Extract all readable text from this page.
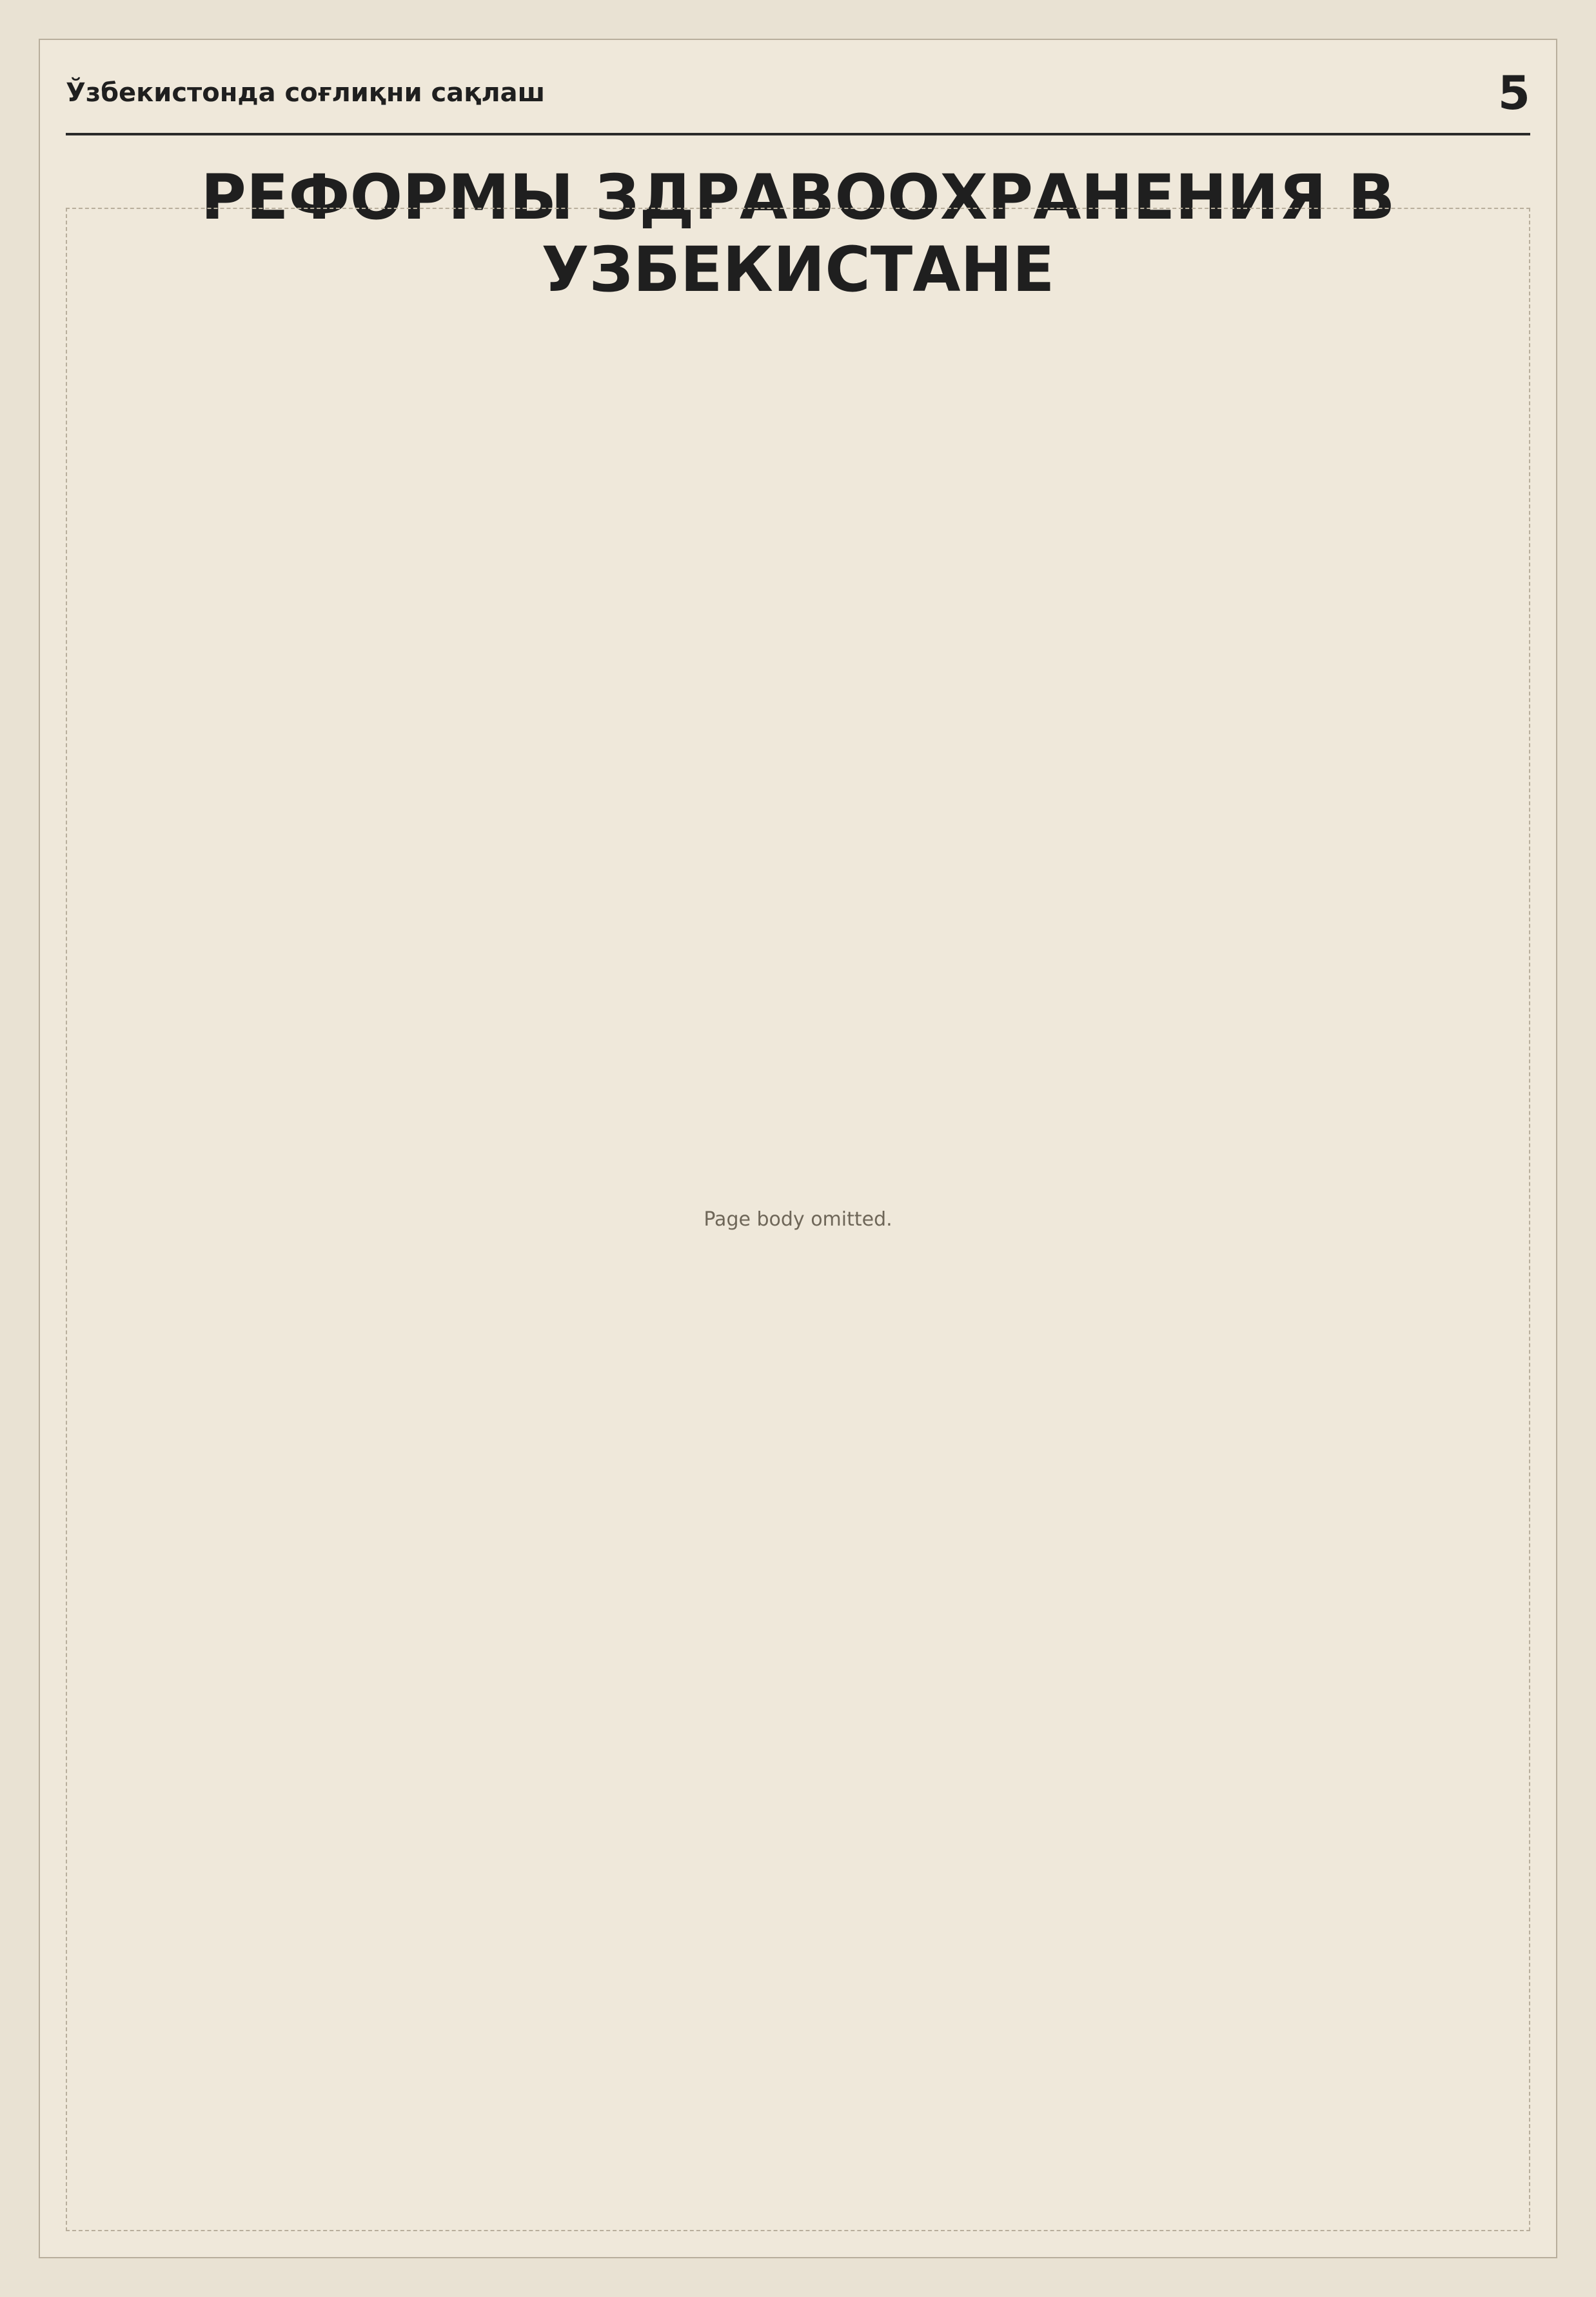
Ўзбекистонда соғлиқни сақлаш	5
РЕФОРМЫ ЗДРАВООХРАНЕНИЯ В УЗБЕКИСТАНЕ
Page body omitted.
